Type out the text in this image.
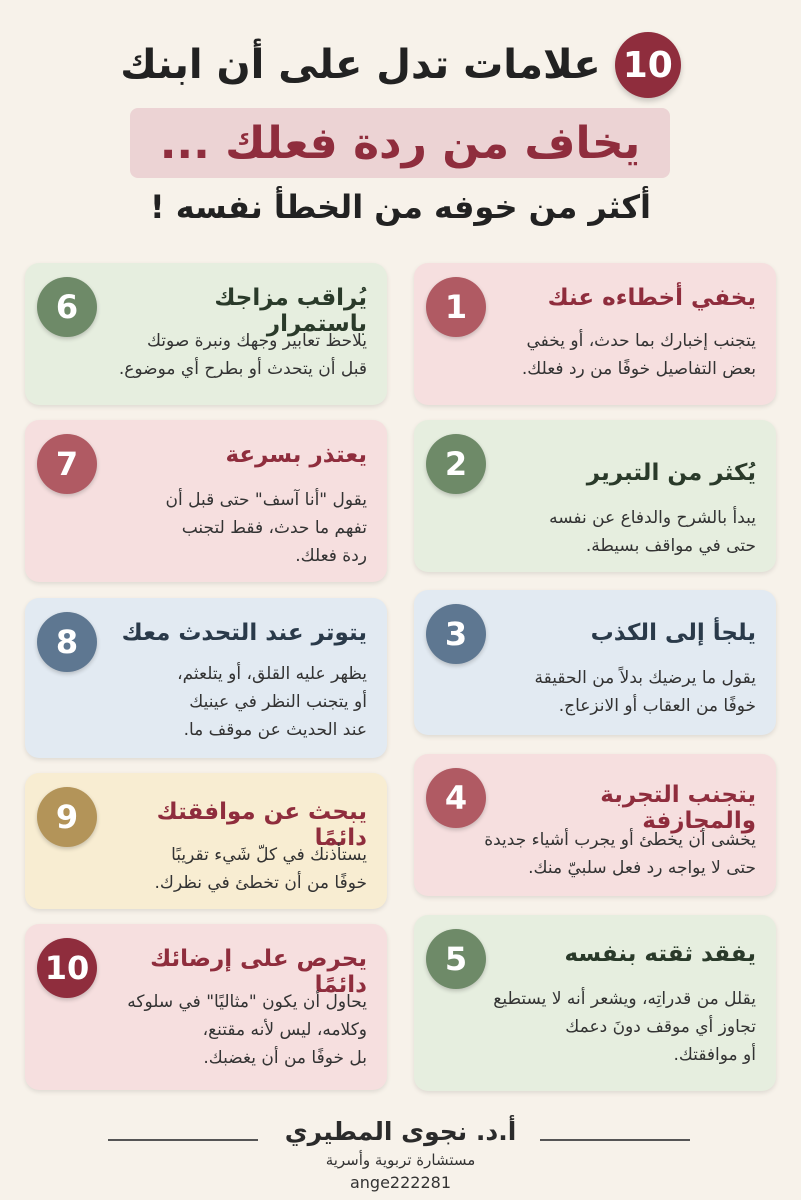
10
علامات تدل على أن ابنك
يخاف من ردة فعلك ...
أكثر من خوفه من الخطأ نفسه !
1	يخفي أخطاءه عنك
يتجنب إخبارك بما حدث، أو يخفي
بعض التفاصيل خوفًا من رد فعلك.
2	يُكثر من التبرير
يبدأ بالشرح والدفاع عن نفسه
حتى في مواقف بسيطة.
3	يلجأ إلى الكذب
يقول ما يرضيك بدلاً من الحقيقة
خوفًا من العقاب أو الانزعاج.
4	يتجنب التجربة والمجازفة
يخشى أن يخطئ أو يجرب أشياء جديدة
حتى لا يواجه رد فعل سلبيّ منك.
5	يفقد ثقته بنفسه
يقلل من قدراتِه، ويشعر أنه لا يستطيع
تجاوز أي موقف دونَ دعمك
أو موافقتك.
6	يُراقب مزاجك باستمرار
يلاحظ تعابير وجهك ونبرة صوتك
قبل أن يتحدث أو بطرح أي موضوع.
7	يعتذر بسرعة
يقول "أنا آسف" حتى قبل أن
تفهم ما حدث، فقط لتجنب
ردة فعلك.
8	يتوتر عند التحدث معك
يظهر عليه القلق، أو يتلعثم،
أو يتجنب النظر في عينيك
عند الحديث عن موقف ما.
9	يبحث عن موافقتك دائمًا
يستأذنك في كلّ شَيء تقريبًا
خوفًا من أن تخطئ في نظرك.
10	يحرص على إرضائك دائمًا
يحاول أن يكون "مثاليًا" في سلوكه
وكلامه، ليس لأنه مقتنع،
بل خوفًا من أن يغضبك.
أ.د. نجوى المطيري
مستشارة تربوية وأسرية
ange222281
